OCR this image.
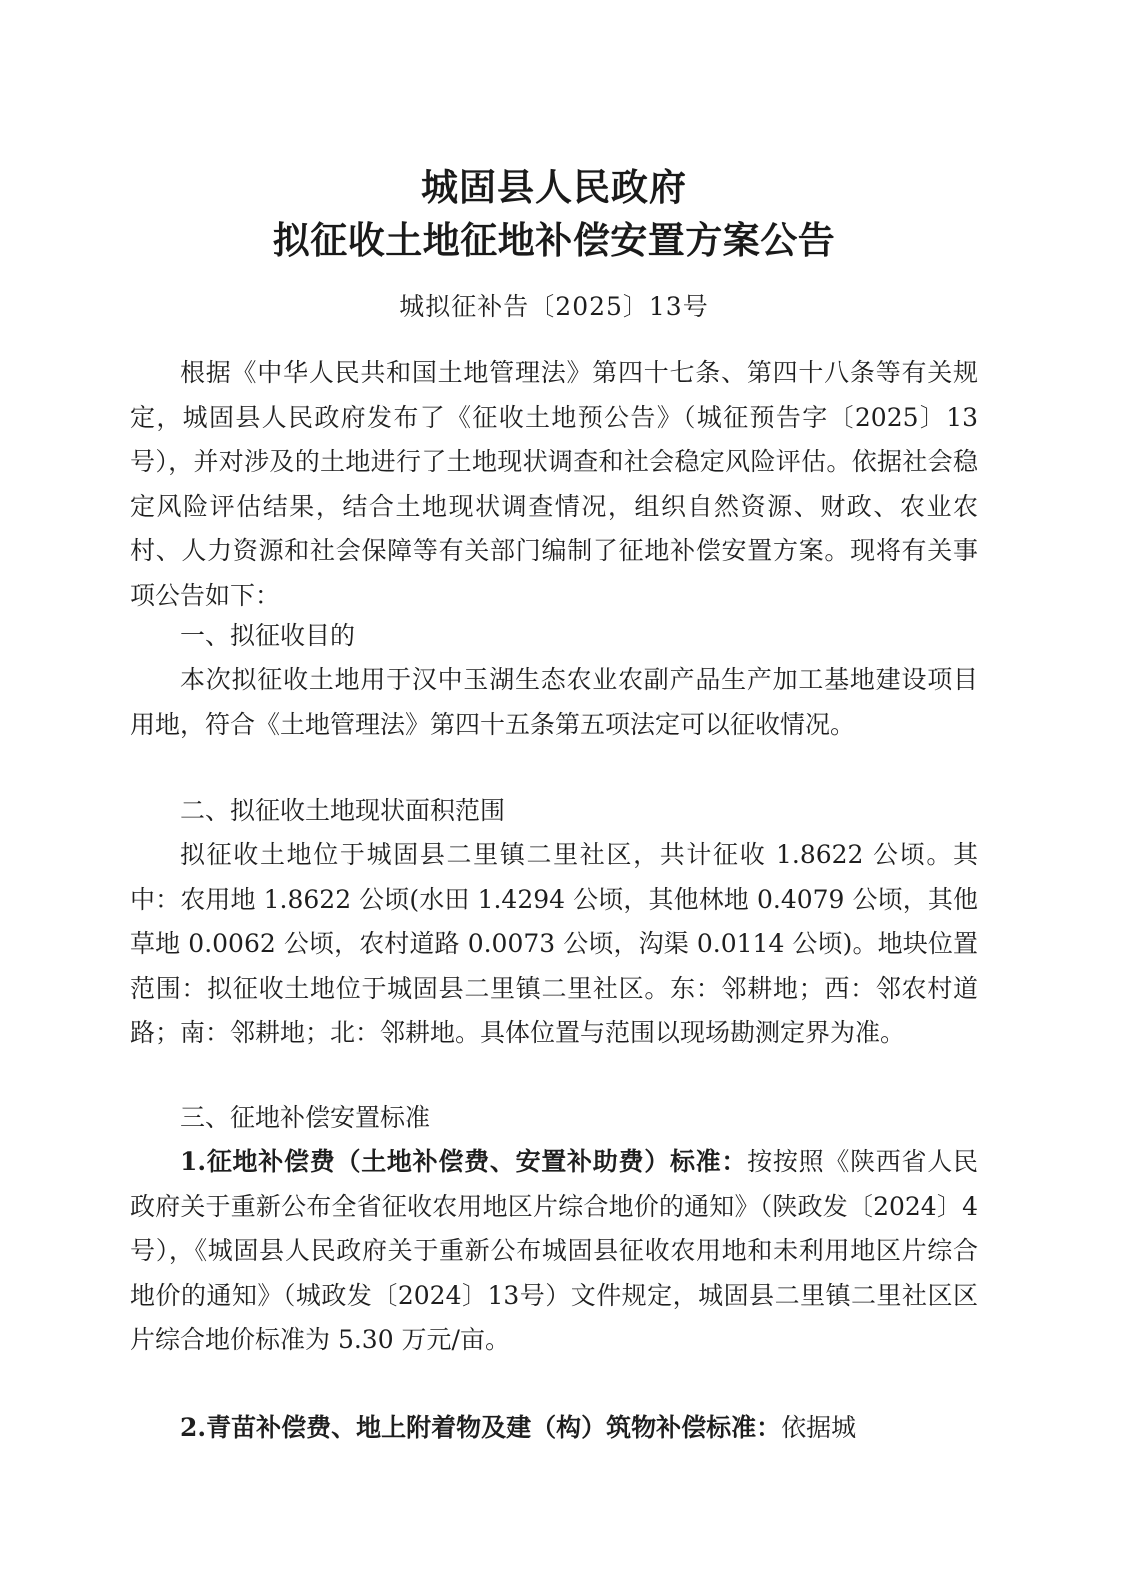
城固县人民政府
拟征收土地征地补偿安置方案公告
城拟征补告〔2025〕13号

根据《中华人民共和国土地管理法》第四十七条、第四十八条等有关规定，城固县人民政府发布了《征收土地预公告》（城征预告字〔2025〕13号），并对涉及的土地进行了土地现状调查和社会稳定风险评估。依据社会稳定风险评估结果，结合土地现状调查情况，组织自然资源、财政、农业农村、人力资源和社会保障等有关部门编制了征地补偿安置方案。现将有关事项公告如下：

一、拟征收目的

本次拟征收土地用于汉中玉湖生态农业农副产品生产加工基地建设项目用地，符合《土地管理法》第四十五条第五项法定可以征收情况。

二、拟征收土地现状面积范围

拟征收土地位于城固县二里镇二里社区，共计征收 1.8622 公顷。其中：农用地 1.8622 公顷(水田 1.4294 公顷，其他林地 0.4079 公顷，其他草地 0.0062 公顷，农村道路 0.0073 公顷，沟渠 0.0114 公顷)。地块位置范围：拟征收土地位于城固县二里镇二里社区。东：邻耕地；西：邻农村道路；南：邻耕地；北：邻耕地。具体位置与范围以现场勘测定界为准。

三、征地补偿安置标准

1.征地补偿费（土地补偿费、安置补助费）标准：按按照《陕西省人民政府关于重新公布全省征收农用地区片综合地价的通知》（陕政发〔2024〕4号），《城固县人民政府关于重新公布城固县征收农用地和未利用地区片综合地价的通知》（城政发〔2024〕13号）文件规定，城固县二里镇二里社区区片综合地价标准为 5.30 万元/亩。

2.青苗补偿费、地上附着物及建（构）筑物补偿标准：依据城
